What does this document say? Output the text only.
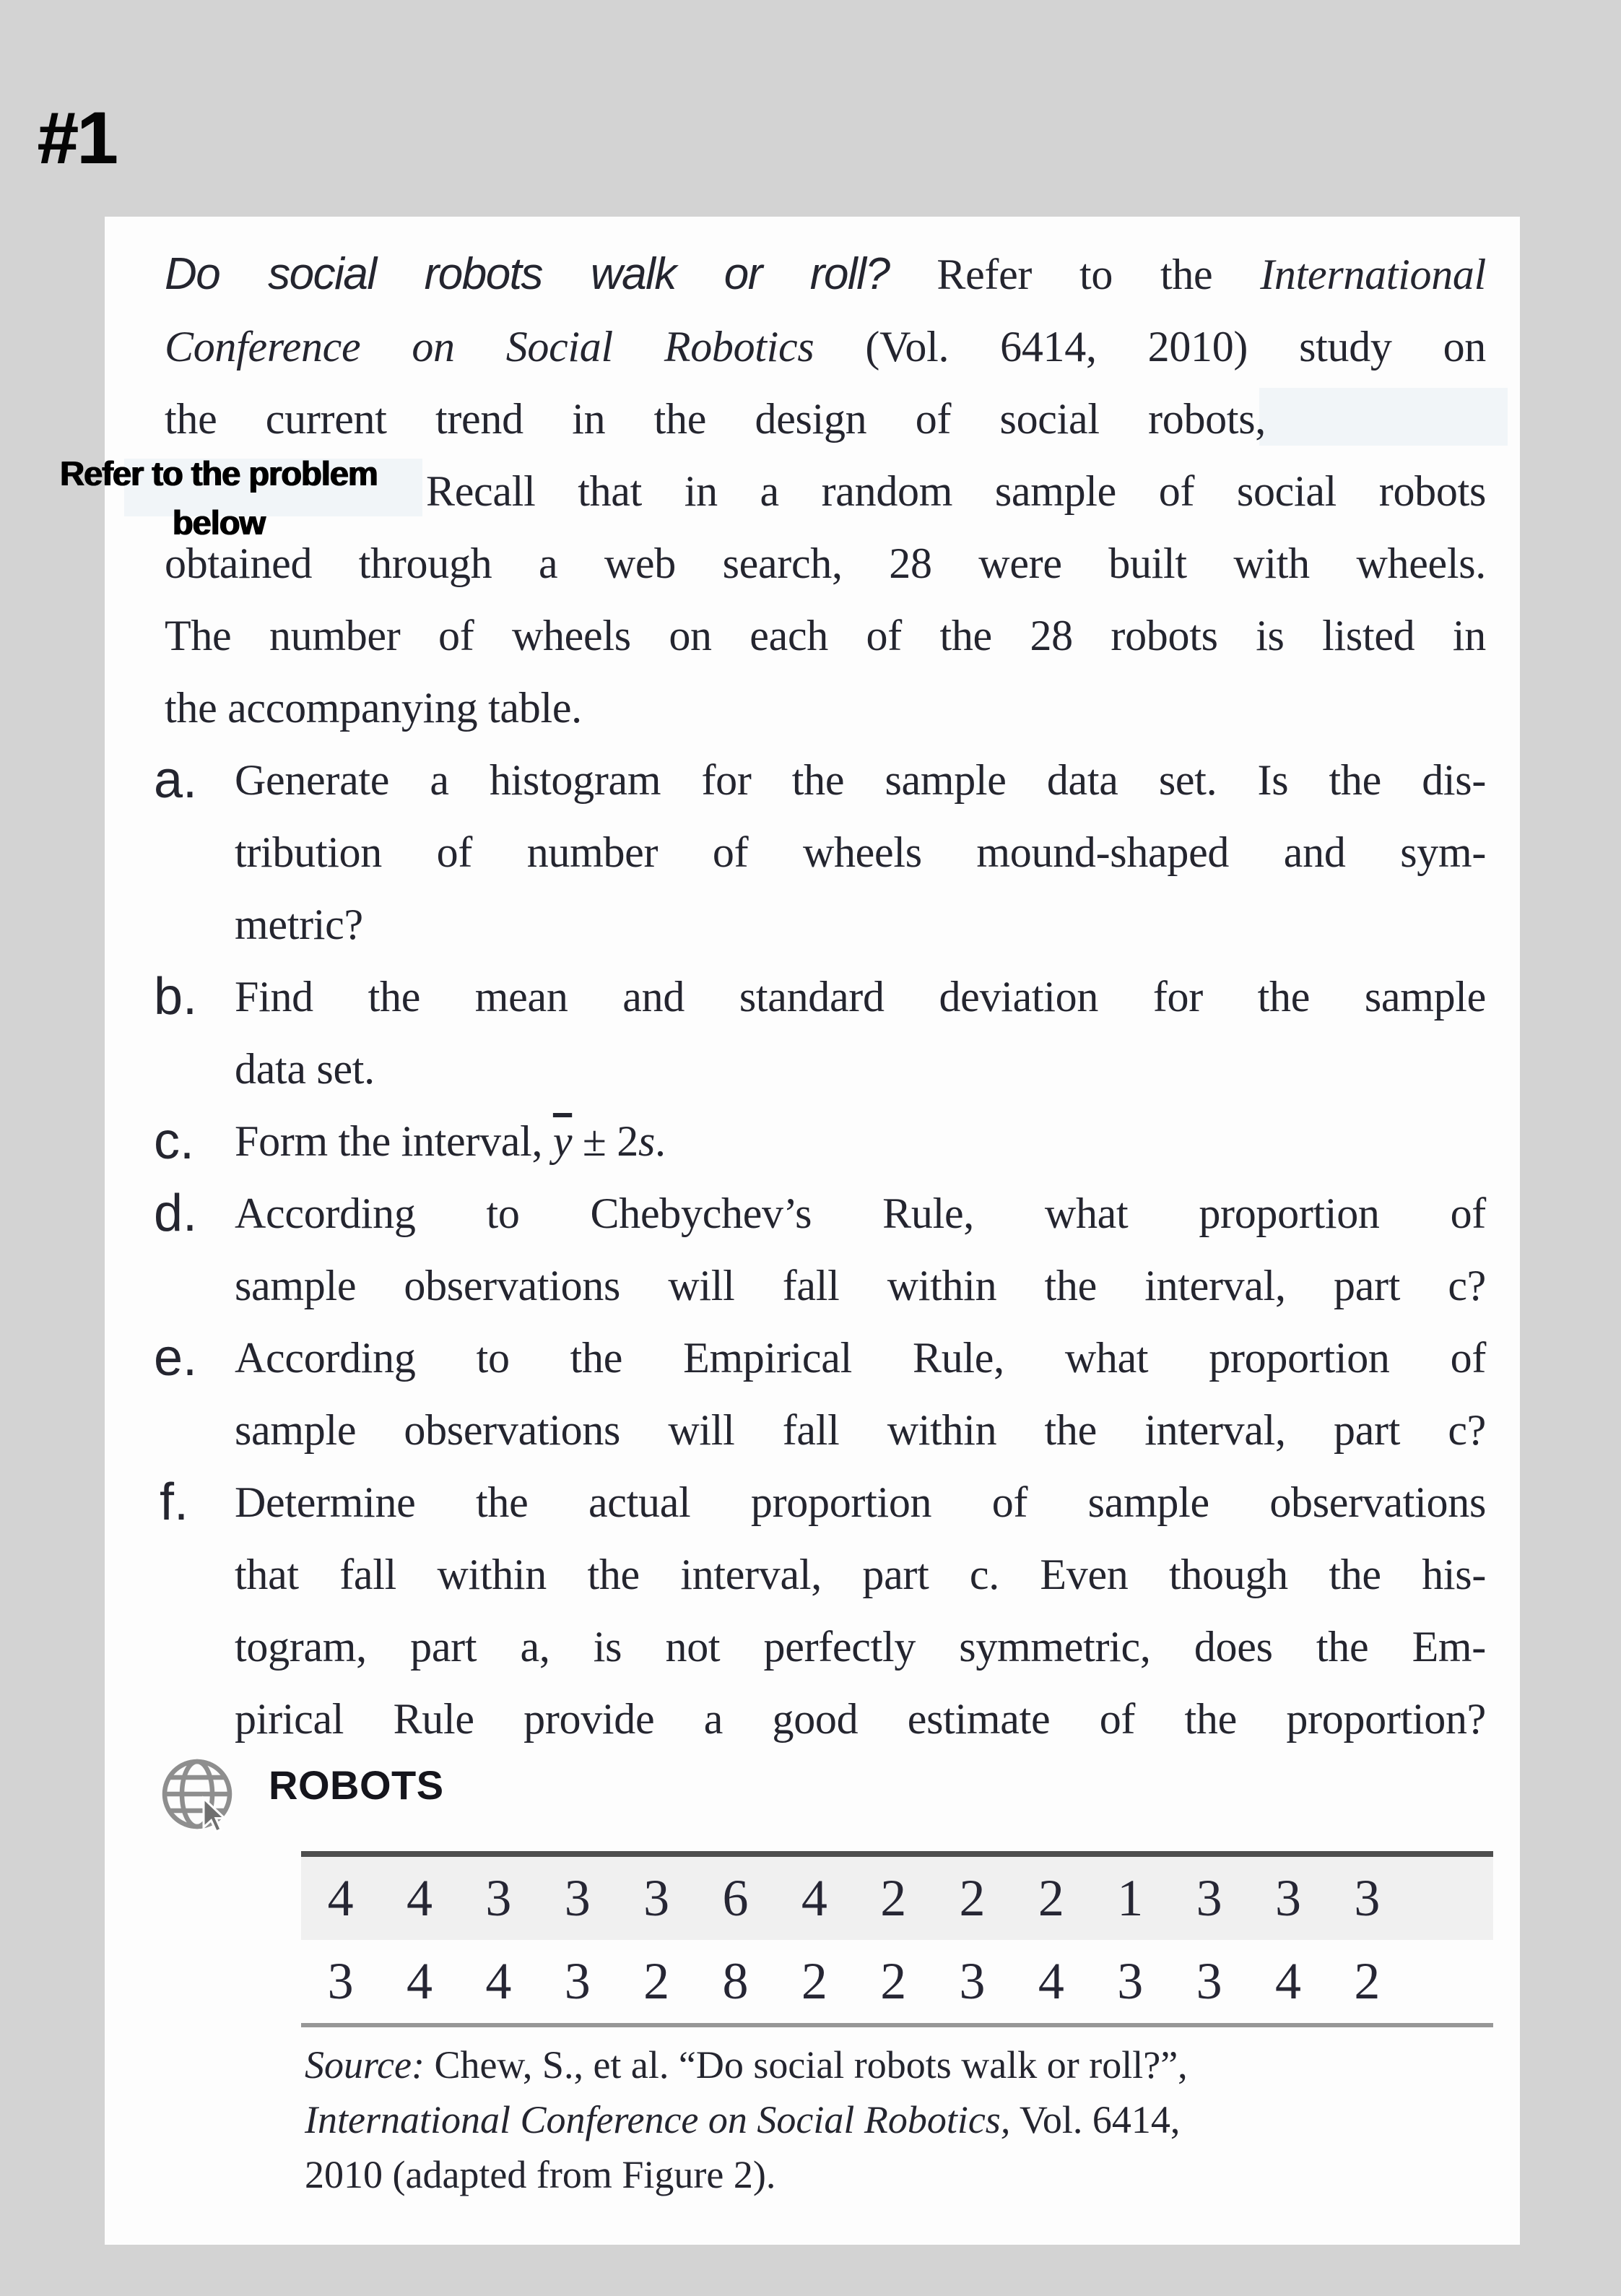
#1
Do social robots walk or roll? Refer to the International
Conference on Social Robotics (Vol. 6414, 2010) study on
the current trend in the design of social robots,
Recall that in a random sample of social robots
obtained through a web search, 28 were built with wheels.
The number of wheels on each of the 28 robots is listed in
the accompanying table.
a. Generate a histogram for the sample data set. Is the dis-
tribution of number of wheels mound-shaped and sym-
metric?
b. Find the mean and standard deviation for the sample
data set.
c. Form the interval, $\overline{y} \pm 2s$.
d. According to Chebychev’s Rule, what proportion of
sample observations will fall within the interval, part c?
e. According to the Empirical Rule, what proportion of
sample observations will fall within the interval, part c?
f.	Determine the actual proportion of sample observations
that fall within the interval, part c. Even though the his-
togram, part a, is not perfectly symmetric, does the Em-
pirical Rule provide a good estimate of the proportion?
ROBOTS
4	4	3	3	3	6	4	2	2	2	1	3	3	3
3	4	4	3	2	8	2	2	3	4	3	3	4	2
Source: Chew, S., et al. “Do social robots walk or roll?”,
International Conference on Social Robotics, Vol. 6414,
2010 (adapted from Figure 2).
Refer to the problem
below
